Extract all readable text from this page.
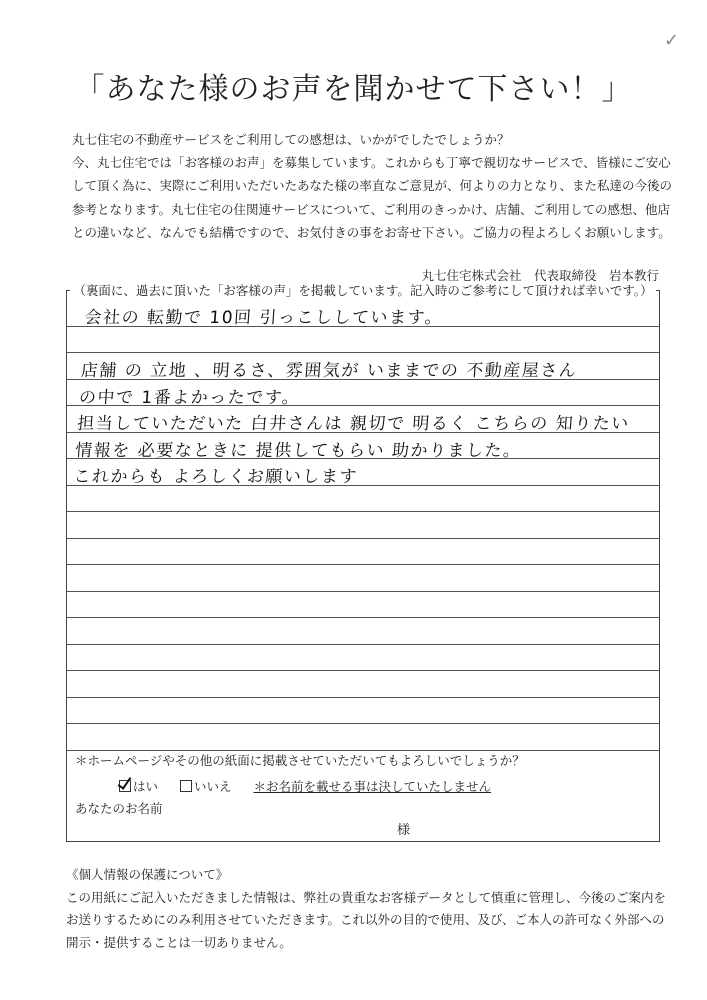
✓
「あなた様のお声を聞かせて下さい！」

丸七住宅の不動産サービスをご利用しての感想は、いかがでしたでしょうか？

今、丸七住宅では「お客様のお声」を募集しています。これからも丁寧で親切なサービスで、皆様にご安心

して頂く為に、実際にご利用いただいたあなた様の率直なご意見が、何よりの力となり、また私達の今後の

参考となります。丸七住宅の住関連サービスについて、ご利用のきっかけ、店舗、ご利用しての感想、他店

との違いなど、なんでも結構ですので、お気付きの事をお寄せ下さい。ご協力の程よろしくお願いします。

丸七住宅株式会社　代表取締役　岩本教行
（裏面に、過去に頂いた「お客様の声」を掲載しています。記入時のご参考にして頂ければ幸いです。）
会社の 転勤で 10回 引っこししています。
店舗 の 立地 、明るさ、雰囲気が いままでの 不動産屋さん
の中で 1番よかったです。
担当していただいた 白井さんは 親切で 明るく こちらの 知りたい
情報を 必要なときに 提供してもらい 助かりました。
これからも よろしくお願いします
＊ホームページやその他の紙面に掲載させていただいてもよろしいでしょうか？
はい	いいえ ＊お名前を載せる事は決していたしません
あなたのお名前
様

《個人情報の保護について》

この用紙にご記入いただきました情報は、弊社の貴重なお客様データとして慎重に管理し、今後のご案内を

お送りするためにのみ利用させていただきます。これ以外の目的で使用、及び、ご本人の許可なく外部への

開示・提供することは一切ありません。
